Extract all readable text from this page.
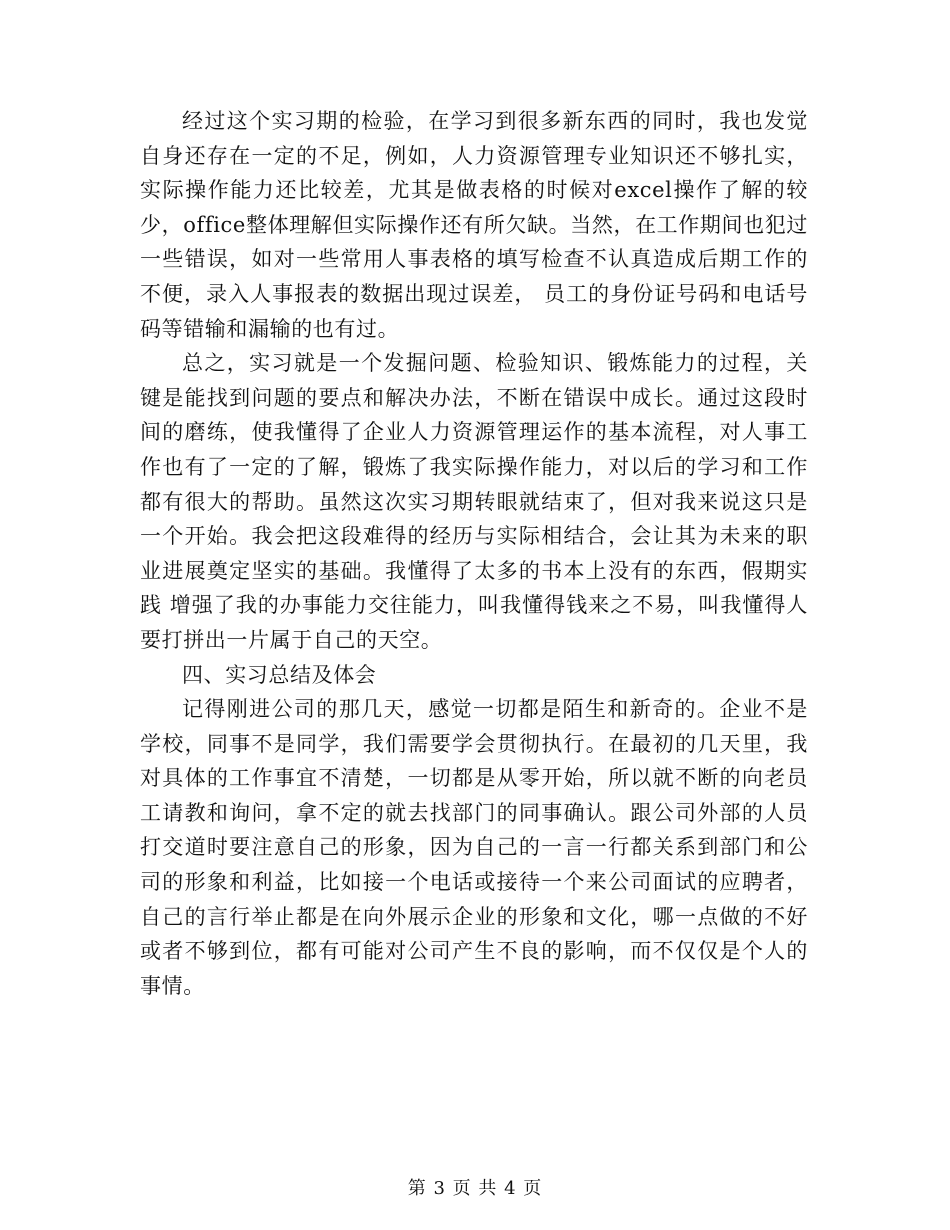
经过这个实习期的检验，在学习到很多新东西的同时，我也发觉自身还存在一定的不足，例如，人力资源管理专业知识还不够扎实，实际操作能力还比较差，尤其是做表格的时候对excel操作了解的较少，office整体理解但实际操作还有所欠缺。当然，在工作期间也犯过一些错误，如对一些常用人事表格的填写检查不认真造成后期工作的不便，录入人事报表的数据出现过误差， 员工的身份证号码和电话号码等错输和漏输的也有过。

总之，实习就是一个发掘问题、检验知识、锻炼能力的过程，关键是能找到问题的要点和解决办法，不断在错误中成长。通过这段时间的磨练，使我懂得了企业人力资源管理运作的基本流程，对人事工作也有了一定的了解，锻炼了我实际操作能力，对以后的学习和工作都有很大的帮助。虽然这次实习期转眼就结束了，但对我来说这只是一个开始。我会把这段难得的经历与实际相结合，会让其为未来的职业进展奠定坚实的基础。我懂得了太多的书本上没有的东西，假期实践 增强了我的办事能力交往能力，叫我懂得钱来之不易，叫我懂得人要打拼出一片属于自己的天空。

四、实习总结及体会

记得刚进公司的那几天，感觉一切都是陌生和新奇的。企业不是学校，同事不是同学，我们需要学会贯彻执行。在最初的几天里，我对具体的工作事宜不清楚，一切都是从零开始，所以就不断的向老员工请教和询问，拿不定的就去找部门的同事确认。跟公司外部的人员打交道时要注意自己的形象，因为自己的一言一行都关系到部门和公司的形象和利益，比如接一个电话或接待一个来公司面试的应聘者，自己的言行举止都是在向外展示企业的形象和文化，哪一点做的不好或者不够到位，都有可能对公司产生不良的影响，而不仅仅是个人的事情。

第 3 页 共 4 页
